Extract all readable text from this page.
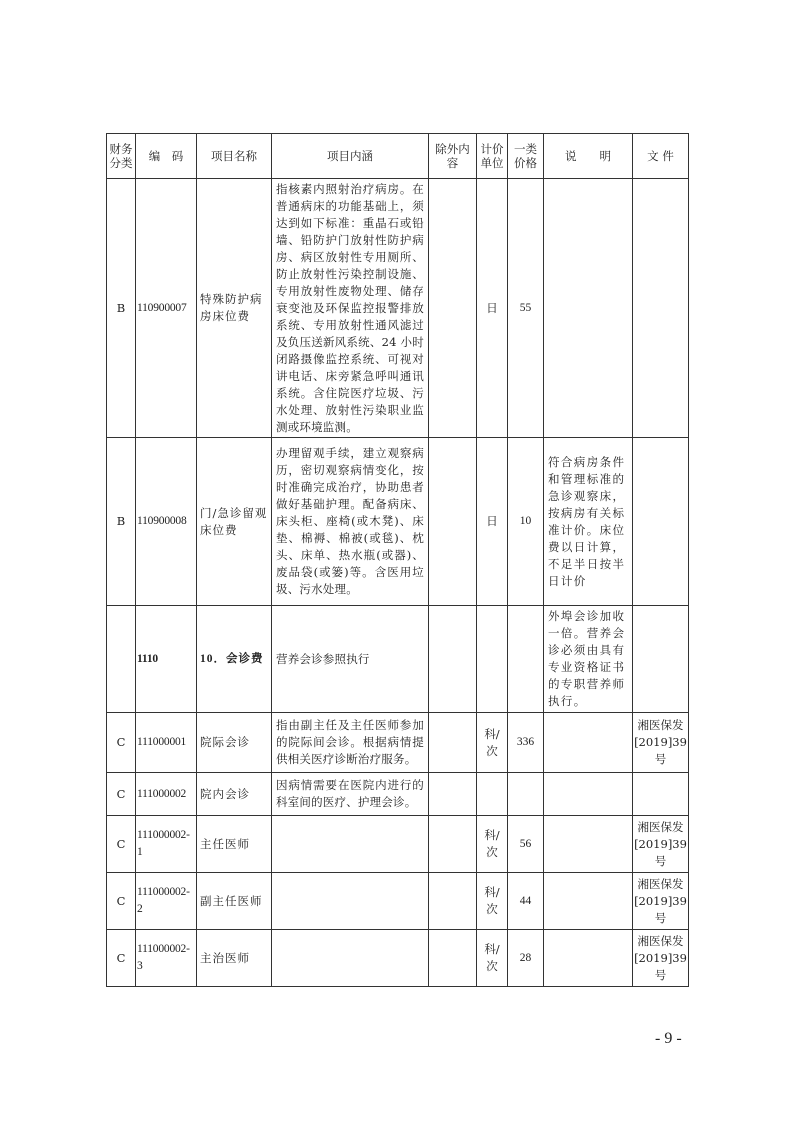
财务分类	编　码	项目名称	项目内涵	除外内容	计价单位	一类价格	说　　明	文 件
B	110900007	特殊防护病房床位费	指核素内照射治疗病房。在普通病床的功能基础上，须达到如下标准：重晶石或铅墙、铅防护门放射性防护病房、病区放射性专用厕所、防止放射性污染控制设施、专用放射性废物处理、储存衰变池及环保监控报警排放系统、专用放射性通风滤过及负压送新风系统、24 小时闭路摄像监控系统、可视对讲电话、床旁紧急呼叫通讯系统。含住院医疗垃圾、污水处理、放射性污染职业监测或环境监测。		日	55		
B	110900008	门/急诊留观床位费	办理留观手续，建立观察病历，密切观察病情变化，按时准确完成治疗，协助患者做好基础护理。配备病床、床头柜、座椅(或木凳)、床垫、棉褥、棉被(或毯)、枕头、床单、热水瓶(或器)、废品袋(或篓)等。含医用垃圾、污水处理。		日	10	符合病房条件和管理标准的急诊观察床，按病房有关标准计价。床位费以日计算，不足半日按半日计价	
	1110	10．会诊费	营养会诊参照执行				外埠会诊加收一倍。营养会诊必须由具有专业资格证书的专职营养师执行。	
C	111000001	院际会诊	指由副主任及主任医师参加的院际间会诊。根据病情提供相关医疗诊断治疗服务。		科/次	336		湘医保发[2019]39号
C	111000002	院内会诊	因病情需要在医院内进行的科室间的医疗、护理会诊。					
C	111000002-1	主任医师			科/次	56		湘医保发[2019]39号
C	111000002-2	副主任医师			科/次	44		湘医保发[2019]39号
C	111000002-3	主治医师			科/次	28		湘医保发[2019]39号
- 9 -
